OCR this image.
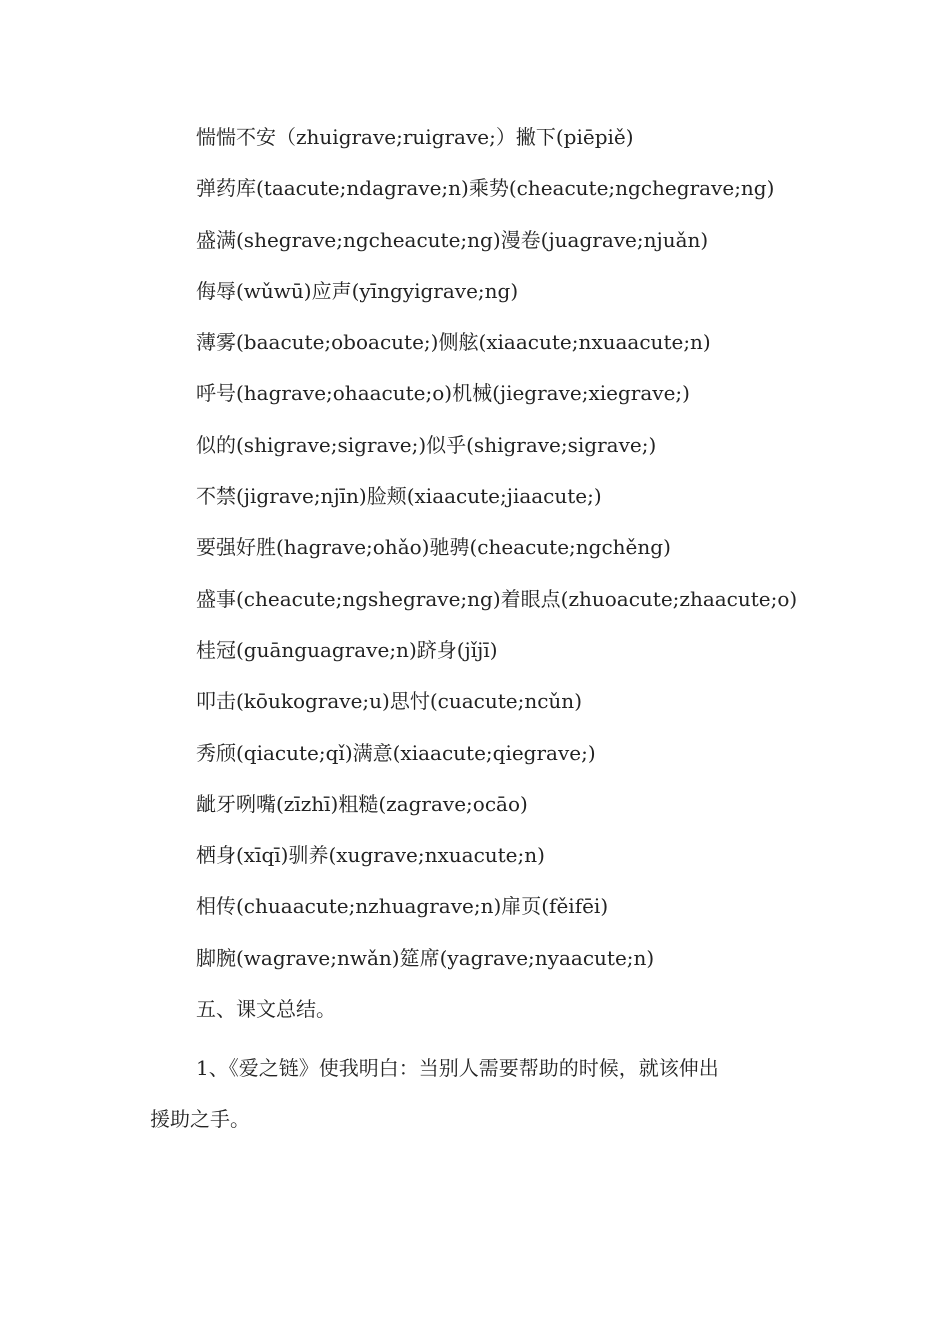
惴惴不安（zhuigrave;ruigrave;）撇下(piēpiě)
弹药库(taacute;ndagrave;n)乘势(cheacute;ngchegrave;ng)
盛满(shegrave;ngcheacute;ng)漫卷(juagrave;njuǎn)
侮辱(wǔwū)应声(yīngyigrave;ng)
薄雾(baacute;oboacute;)侧舷(xiaacute;nxuaacute;n)
呼号(hagrave;ohaacute;o)机械(jiegrave;xiegrave;)
似的(shigrave;sigrave;)似乎(shigrave;sigrave;)
不禁(jigrave;njīn)脸颊(xiaacute;jiaacute;)
要强好胜(hagrave;ohǎo)驰骋(cheacute;ngchěng)
盛事(cheacute;ngshegrave;ng)着眼点(zhuoacute;zhaacute;o)
桂冠(guānguagrave;n)跻身(jǐjī)
叩击(kōukograve;u)思忖(cuacute;ncǔn)
秀颀(qiacute;qǐ)满意(xiaacute;qiegrave;)
龇牙咧嘴(zīzhī)粗糙(zagrave;ocāo)
栖身(xīqī)驯养(xugrave;nxuacute;n)
相传(chuaacute;nzhuagrave;n)扉页(fěifēi)
脚腕(wagrave;nwǎn)筵席(yagrave;nyaacute;n)
五、课文总结。
1、《爱之链》使我明白：当别人需要帮助的时候，就该伸出
援助之手。
